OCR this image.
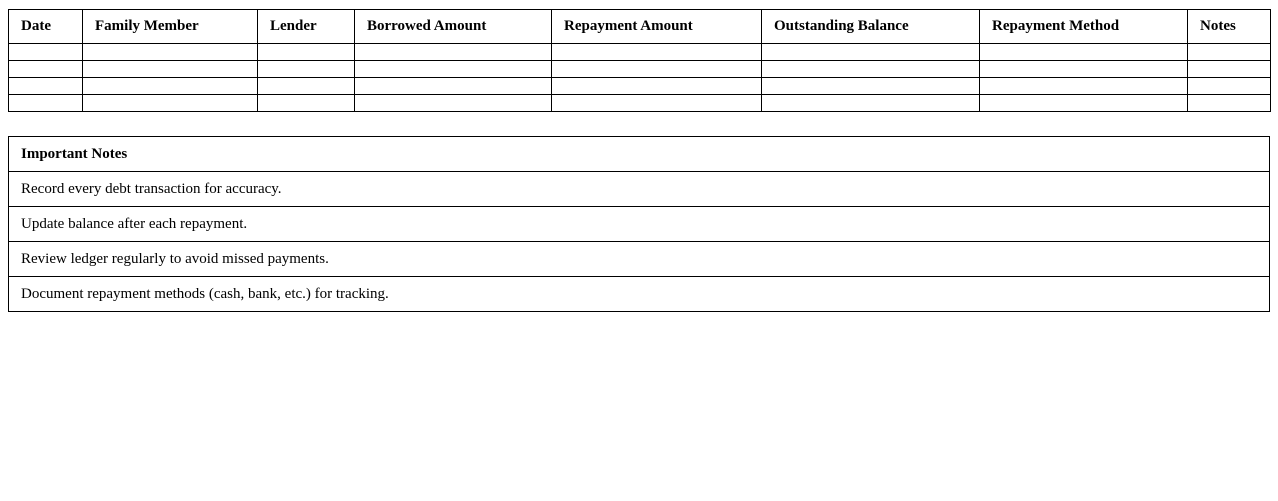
Date	Family Member	Lender	Borrowed Amount	Repayment Amount	Outstanding Balance	Repayment Method	Notes

Important Notes
Record every debt transaction for accuracy.
Update balance after each repayment.
Review ledger regularly to avoid missed payments.
Document repayment methods (cash, bank, etc.) for tracking.
